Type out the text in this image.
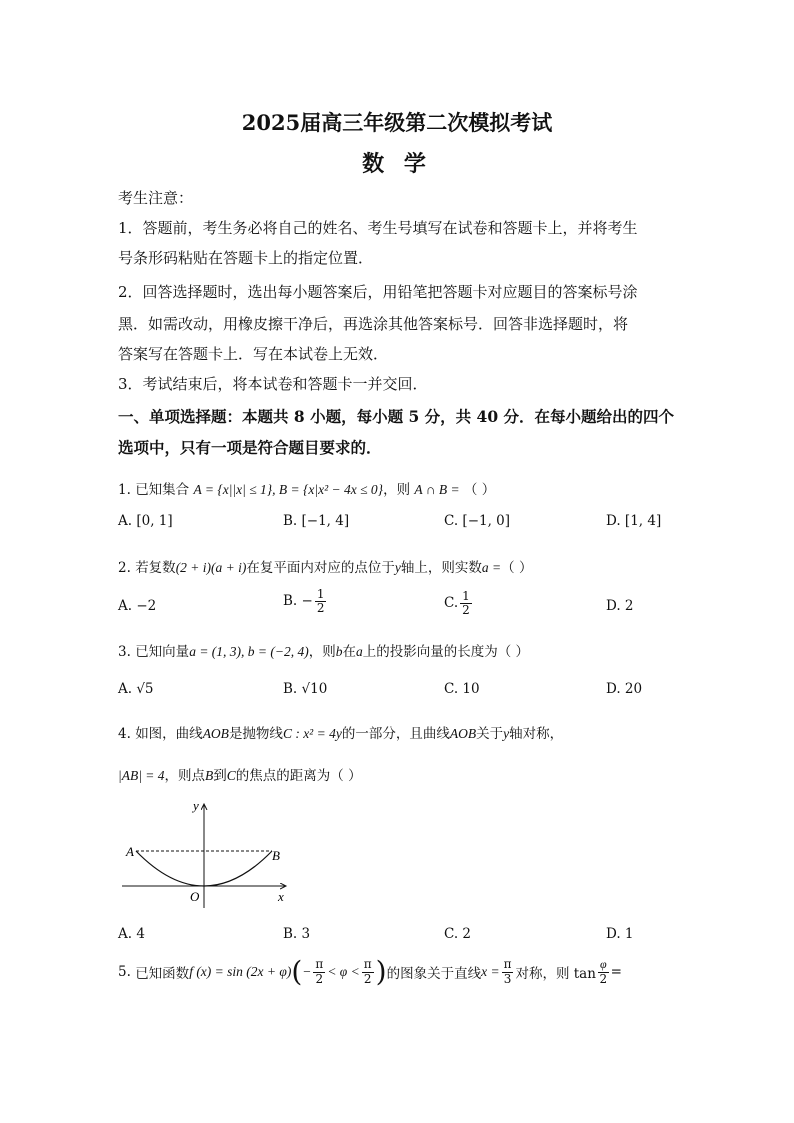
2025届高三年级第二次模拟考试
数 学
考生注意：
1．答题前，考生务必将自己的姓名、考生号填写在试卷和答题卡上，并将考生
号条形码粘贴在答题卡上的指定位置．
2．回答选择题时，选出每小题答案后，用铅笔把答题卡对应题目的答案标号涂
黑．如需改动，用橡皮擦干净后，再选涂其他答案标号．回答非选择题时，将
答案写在答题卡上．写在本试卷上无效．
3．考试结束后，将本试卷和答题卡一并交回．
一、单项选择题：本题共 8 小题，每小题 5 分，共 40 分．在每小题给出的四个
选项中，只有一项是符合题目要求的．
1. 已知集合 A = {x||x| ≤ 1}, B = {x|x² − 4x ≤ 0}，则 A ∩ B = （ ）
A. [0, 1]	B. [−1, 4]	C. [−1, 0]	D. [1, 4]
2. 若复数(2 + i)(a + i)在复平面内对应的点位于y轴上，则实数a =（ ）
A. −2	B. − $\frac{1}{2}$	C. $\frac{1}{2}$	D. 2
3. 已知向量a = (1, 3), b = (−2, 4)，则b在a上的投影向量的长度为（ ）
A. √5	B. √10	C. 10	D. 20
4. 如图，曲线AOB是抛物线C : x² = 4y的一部分，且曲线AOB关于y轴对称，
|AB| = 4，则点B到C的焦点的距离为（ ）
A	B
O	x
y
A. 4	B. 3	C. 2	D. 1
5.
已知函数 f (x) = sin (2x + φ) ( − $\frac{\pi}{2} < \varphi < \frac{\pi}{2}$ ) 的图象关于直线 $x = \frac{\pi}{3}$ 对称，则 $\tan \frac{\varphi}{2}$ =
